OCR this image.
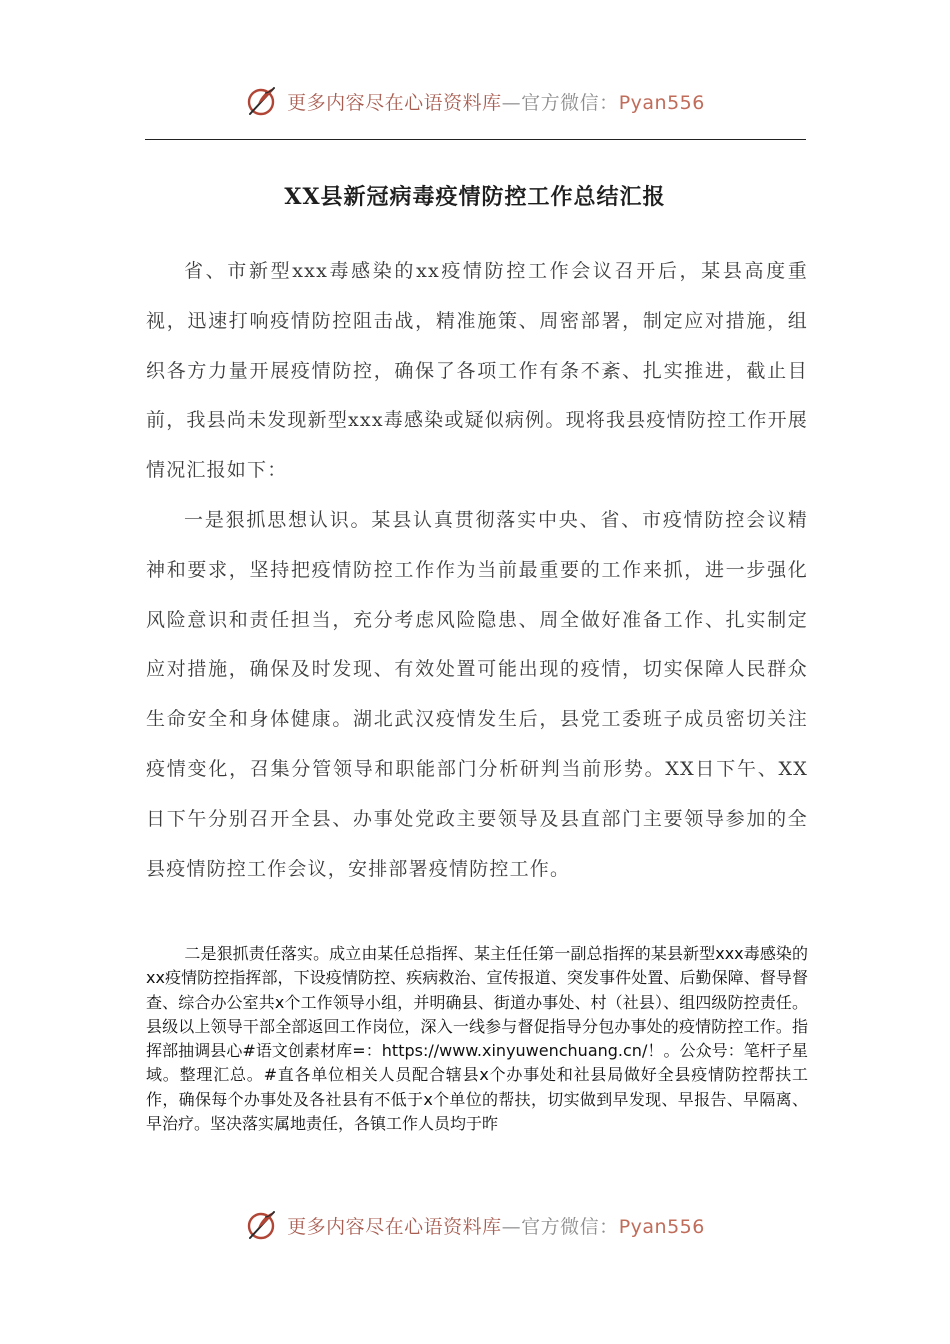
更多内容尽在心语资料库—官方微信：Pyan556
XX县新冠病毒疫情防控工作总结汇报

省、市新型xxx毒感染的xx疫情防控工作会议召开后，某县高度重视，迅速打响疫情防控阻击战，精准施策、周密部署，制定应对措施，组织各方力量开展疫情防控，确保了各项工作有条不紊、扎实推进，截止目前，我县尚未发现新型xxx毒感染或疑似病例。现将我县疫情防控工作开展情况汇报如下：

一是狠抓思想认识。某县认真贯彻落实中央、省、市疫情防控会议精神和要求，坚持把疫情防控工作作为当前最重要的工作来抓，进一步强化风险意识和责任担当，充分考虑风险隐患、周全做好准备工作、扎实制定应对措施，确保及时发现、有效处置可能出现的疫情，切实保障人民群众生命安全和身体健康。湖北武汉疫情发生后，县党工委班子成员密切关注疫情变化，召集分管领导和职能部门分析研判当前形势。XX日下午、XX日下午分别召开全县、办事处党政主要领导及县直部门主要领导参加的全县疫情防控工作会议，安排部署疫情防控工作。

二是狠抓责任落实。成立由某任总指挥、某主任任第一副总指挥的某县新型xxx毒感染的xx疫情防控指挥部，下设疫情防控、疾病救治、宣传报道、突发事件处置、后勤保障、督导督查、综合办公室共x个工作领导小组，并明确县、街道办事处、村（社县）、组四级防控责任。县级以上领导干部全部返回工作岗位，深入一线参与督促指导分包办事处的疫情防控工作。指挥部抽调县心#语文创素材库=：https://www.xinyuwenchuang.cn/！。公众号：笔杆子星域。整理汇总。#直各单位相关人员配合辖县x个办事处和社县局做好全县疫情防控帮扶工作，确保每个办事处及各社县有不低于x个单位的帮扶，切实做到早发现、早报告、早隔离、早治疗。坚决落实属地责任，各镇工作人员均于昨

更多内容尽在心语资料库—官方微信：Pyan556
